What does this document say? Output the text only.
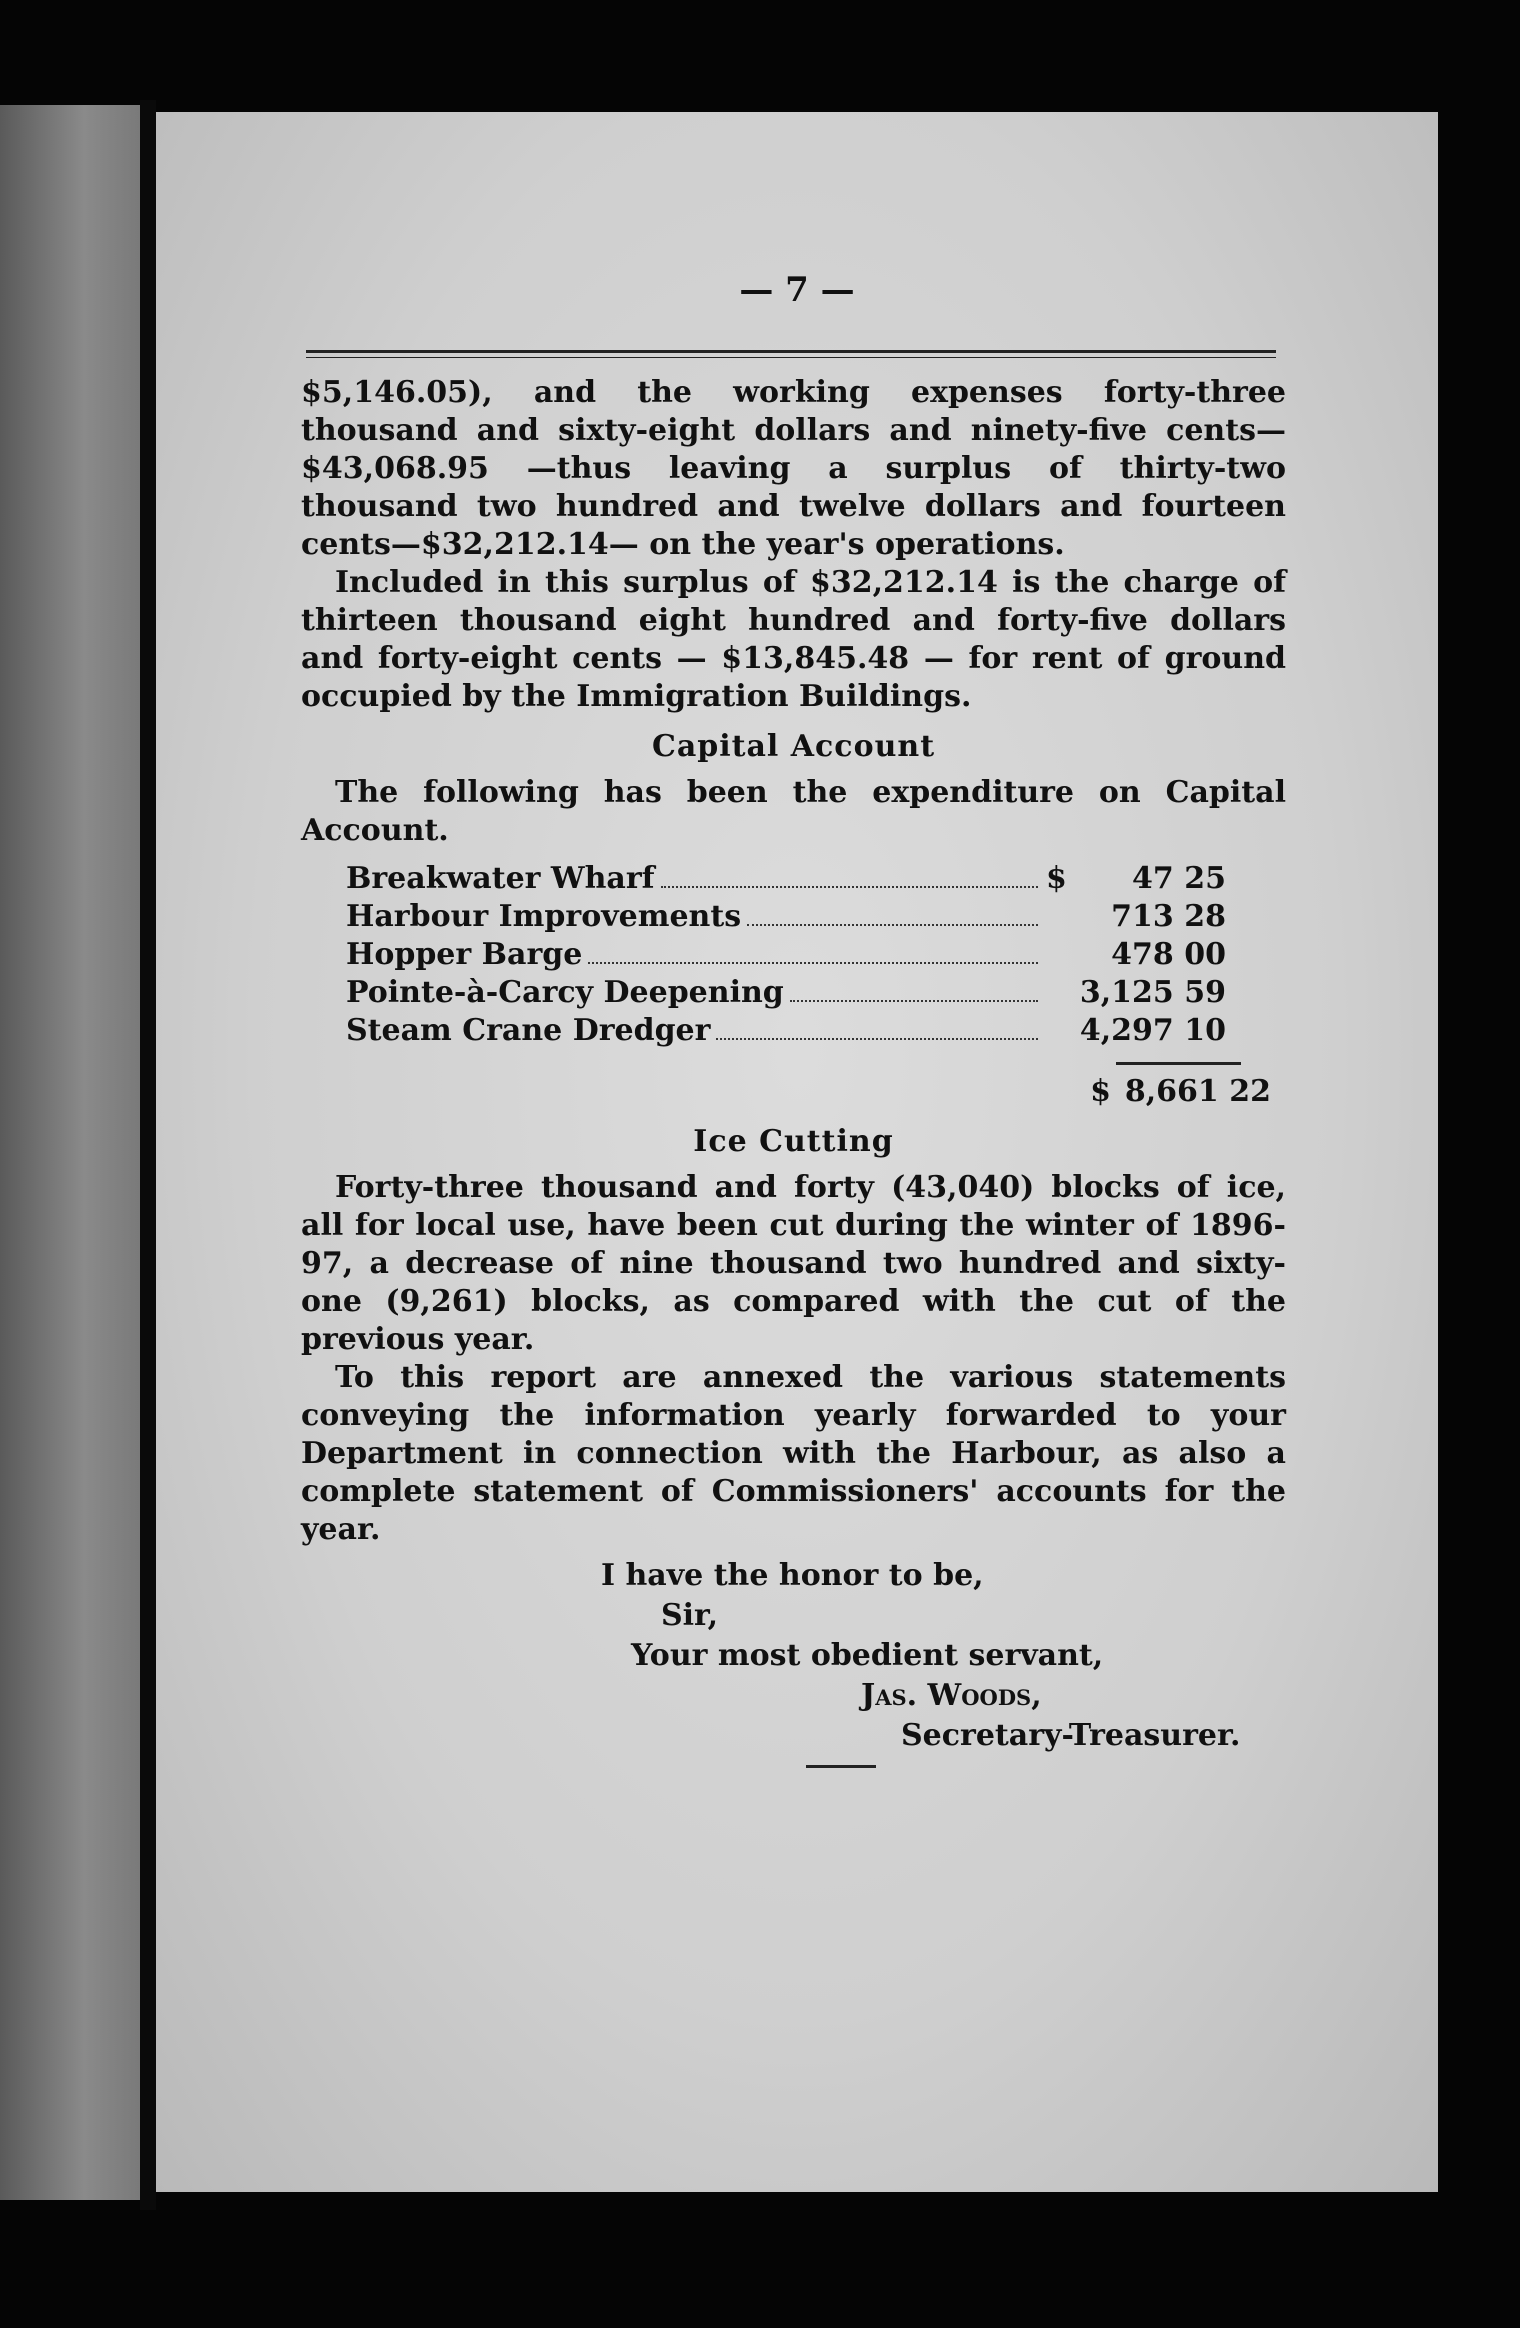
— 7 —

$5,146.05), and the working expenses forty-three thousand and sixty-eight dollars and ninety-five cents—$43,068.95 —thus leaving a surplus of thirty-two thousand two hundred and twelve dollars and fourteen cents—$32,212.14— on the year's operations.

Included in this surplus of $32,212.14 is the charge of thirteen thousand eight hundred and forty-five dollars and forty-eight cents — $13,845.48 — for rent of ground occupied by the Immigration Buildings.

Capital Account

The following has been the expenditure on Capital Account.

Breakwater Wharf	$	47 25
Harbour Improvements	713 28
Hopper Barge	478 00
Pointe-à-Carcy Deepening	3,125 59
Steam Crane Dredger	4,297 10
$ 8,661 22
Ice Cutting

Forty-three thousand and forty (43,040) blocks of ice, all for local use, have been cut during the winter of 1896-97, a decrease of nine thousand two hundred and sixty-one (9,261) blocks, as compared with the cut of the previous year.

To this report are annexed the various statements conveying the information yearly forwarded to your Department in connection with the Harbour, as also a complete statement of Commissioners' accounts for the year.

I have the honor to be,
Sir,
Your most obedient servant,
Jas. Woods,
Secretary-Treasurer.
